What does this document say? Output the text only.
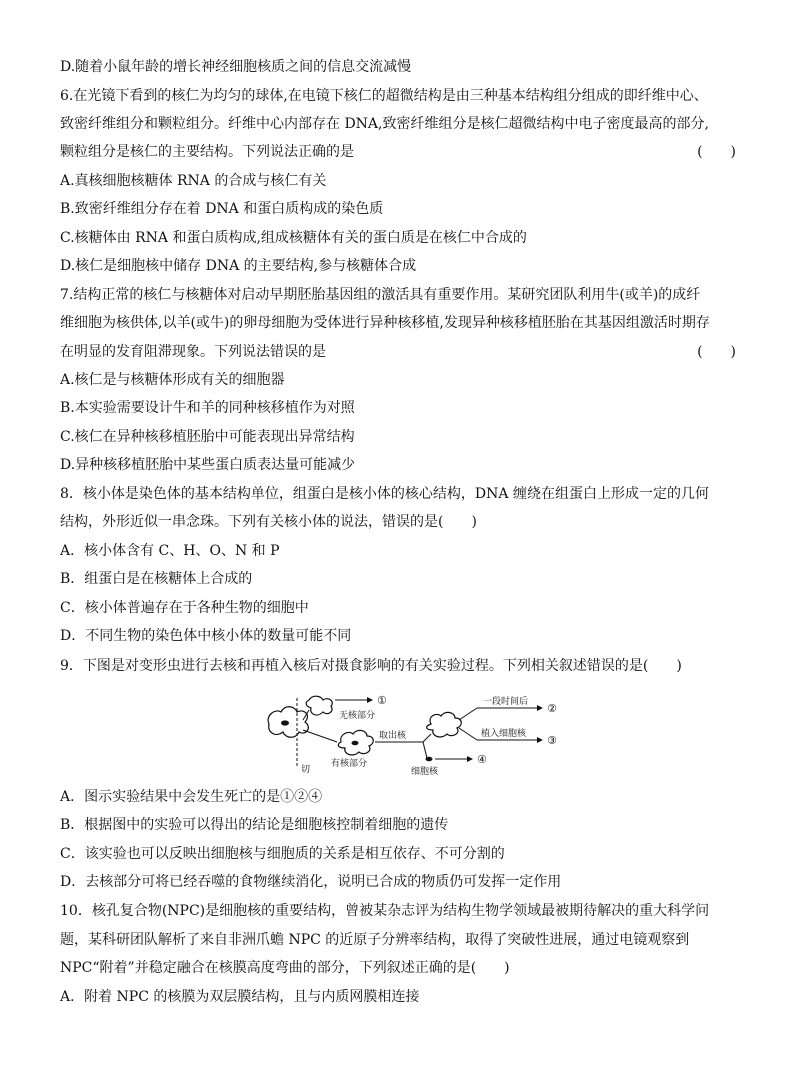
D.随着小鼠年龄的增长神经细胞核质之间的信息交流减慢
6.在光镜下看到的核仁为均匀的球体,在电镜下核仁的超微结构是由三种基本结构组分组成的即纤维中心、
致密纤维组分和颗粒组分。纤维中心内部存在 DNA,致密纤维组分是核仁超微结构中电子密度最高的部分,
颗粒组分是核仁的主要结构。下列说法正确的是	(　　)
A.真核细胞核糖体 RNA 的合成与核仁有关
B.致密纤维组分存在着 DNA 和蛋白质构成的染色质
C.核糖体由 RNA 和蛋白质构成,组成核糖体有关的蛋白质是在核仁中合成的
D.核仁是细胞核中储存 DNA 的主要结构,参与核糖体合成
7.结构正常的核仁与核糖体对启动早期胚胎基因组的激活具有重要作用。某研究团队利用牛(或羊)的成纤
维细胞为核供体,以羊(或牛)的卵母细胞为受体进行异种核移植,发现异种核移植胚胎在其基因组激活时期存
在明显的发育阻滞现象。下列说法错误的是	(　　)
A.核仁是与核糖体形成有关的细胞器
B.本实验需要设计牛和羊的同种核移植作为对照
C.核仁在异种核移植胚胎中可能表现出异常结构
D.异种核移植胚胎中某些蛋白质表达量可能减少
8．核小体是染色体的基本结构单位，组蛋白是核小体的核心结构，DNA 缠绕在组蛋白上形成一定的几何
结构，外形近似一串念珠。下列有关核小体的说法，错误的是(　　)
A．核小体含有 C、H、O、N 和 P
B．组蛋白是在核糖体上合成的
C．核小体普遍存在于各种生物的细胞中
D．不同生物的染色体中核小体的数量可能不同
9．下图是对变形虫进行去核和再植入核后对摄食影响的有关实验过程。下列相关叙述错误的是(　　)
切
①
无核部分
有核部分
取出核
②
一段时间后
③
植入细胞核
④
细胞核
A．图示实验结果中会发生死亡的是①②④
B．根据图中的实验可以得出的结论是细胞核控制着细胞的遗传
C．该实验也可以反映出细胞核与细胞质的关系是相互依存、不可分割的
D．去核部分可将已经吞噬的食物继续消化，说明已合成的物质仍可发挥一定作用
10．核孔复合物(NPC)是细胞核的重要结构，曾被某杂志评为结构生物学领域最被期待解决的重大科学问
题，某科研团队解析了来自非洲爪蟾 NPC 的近原子分辨率结构，取得了突破性进展，通过电镜观察到
NPC“附着”并稳定融合在核膜高度弯曲的部分，下列叙述正确的是(　　)
A．附着 NPC 的核膜为双层膜结构，且与内质网膜相连接
